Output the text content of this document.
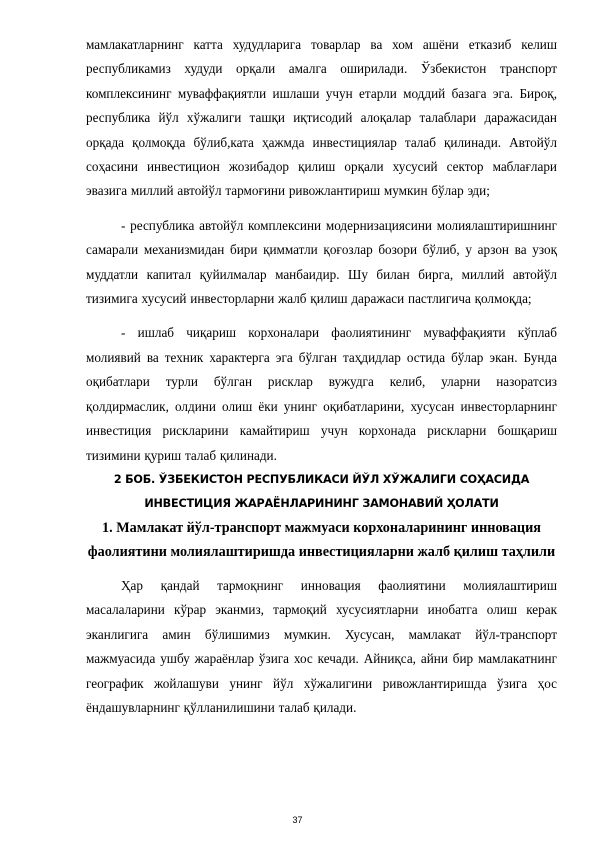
мамлакатларнинг катта худудларига товарлар ва хом ашёни етказиб келиш республикамиз худуди орқали амалга оширилади. Ўзбекистон транспорт комплексининг муваффақиятли ишлаши учун етарли моддий базага эга. Бироқ, республика йўл хўжалиги ташқи иқтисодий алоқалар талаблари даражасидан орқада қолмоқда бўлиб,ката ҳажмда инвестициялар талаб қилинади. Автойўл соҳасини инвестицион жозибадор қилиш орқали хусусий сектор маблағлари эвазига миллий автойўл тармоғини ривожлантириш мумкин бўлар эди;

- республика автойўл комплексини модернизациясини молиялаштиришнинг самарали механизмидан бири қимматли қоғозлар бозори бўлиб, у арзон ва узоқ муддатли капитал қуйилмалар манбаидир. Шу билан бирга, миллий автойўл тизимига хусусий инвесторларни жалб қилиш даражаси пастлигича қолмоқда;

- ишлаб чиқариш корхоналари фаолиятининг муваффақияти кўплаб молиявий ва техник характерга эга бўлган таҳдидлар остида бўлар экан. Бунда оқибатлари турли бўлган рисклар вужудга келиб, уларни назоратсиз қолдирмаслик, олдини олиш ёки унинг оқибатларини, хусусан инвесторларнинг инвестиция рискларини камайтириш учун корхонада рискларни бошқариш тизимини қуриш талаб қилинади.

2 БОБ. ЎЗБЕКИСТОН РЕСПУБЛИКАСИ ЙЎЛ ХЎЖАЛИГИ СОҲАСИДА

ИНВЕСТИЦИЯ ЖАРАЁНЛАРИНИНГ ЗАМОНАВИЙ ҲОЛАТИ

1. Мамлакат йўл-транспорт мажмуаси корхоналарининг инновация

фаолиятини молиялаштиришда инвестицияларни жалб қилиш таҳлили

Ҳар қандай тармоқнинг инновация фаолиятини молиялаштириш масалаларини кўрар эканмиз, тармоқий хусусиятларни инобатга олиш керак эканлигига амин бўлишимиз мумкин. Хусусан, мамлакат йўл-транспорт мажмуасида ушбу жараёнлар ўзига хос кечади. Айниқса, айни бир мамлакатнинг географик жойлашуви унинг йўл хўжалигини ривожлантиришда ўзига ҳос ёндашувларнинг қўлланилишини талаб қилади.

37
